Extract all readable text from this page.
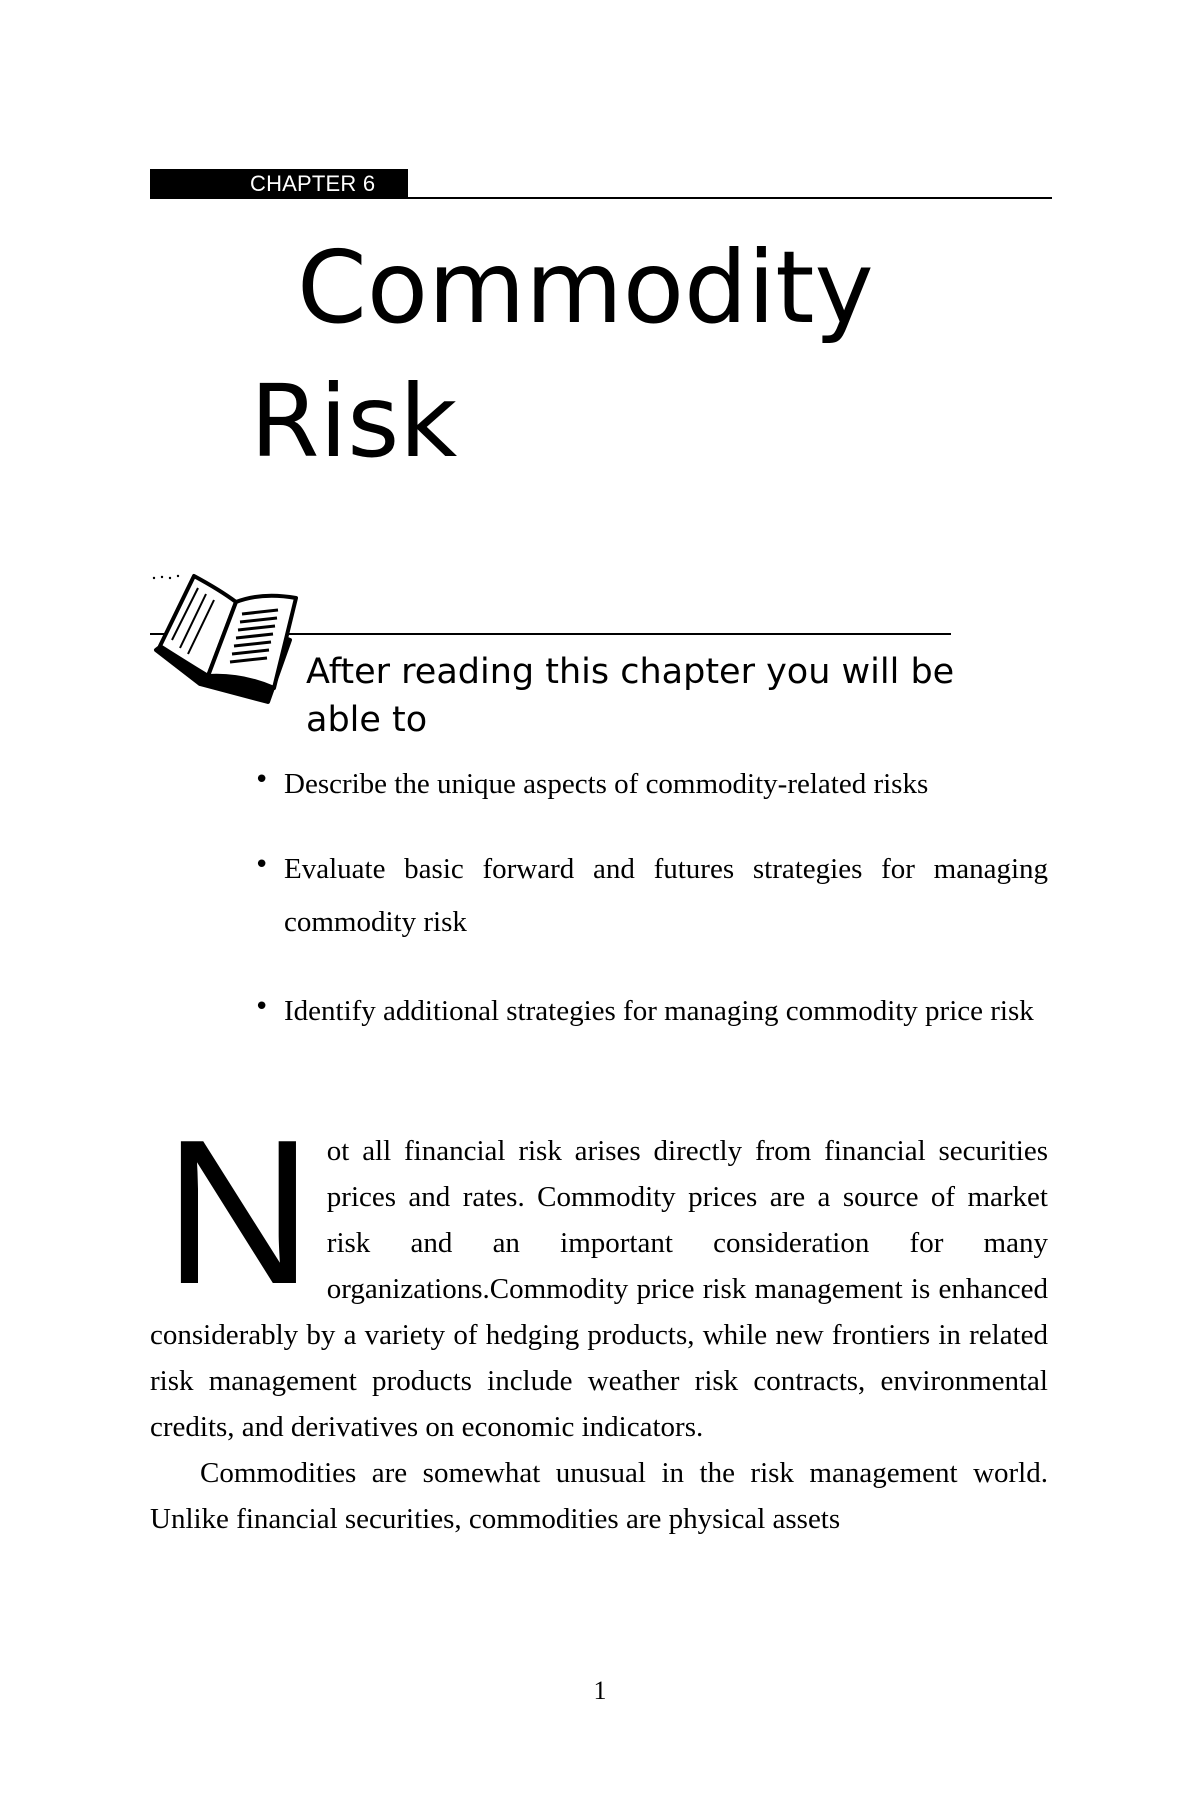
CHAPTER 6
Commodity
Risk
After reading this chapter you will be able to
• Describe the unique aspects of commodity-related risks
• Evaluate basic forward and futures strategies for managing commodity risk
• Identify additional strategies for managing commodity price risk

Not all financial risk arises directly from financial securities prices and rates. Commodity prices are a source of market risk and an important consideration for many organizations.Commodity price risk management is enhanced considerably by a variety of hedging products, while new frontiers in related risk management products include weather risk contracts, environmental credits, and derivatives on economic indicators.

Commodities are somewhat unusual in the risk management world. Unlike financial securities, commodities are physical assets

1
